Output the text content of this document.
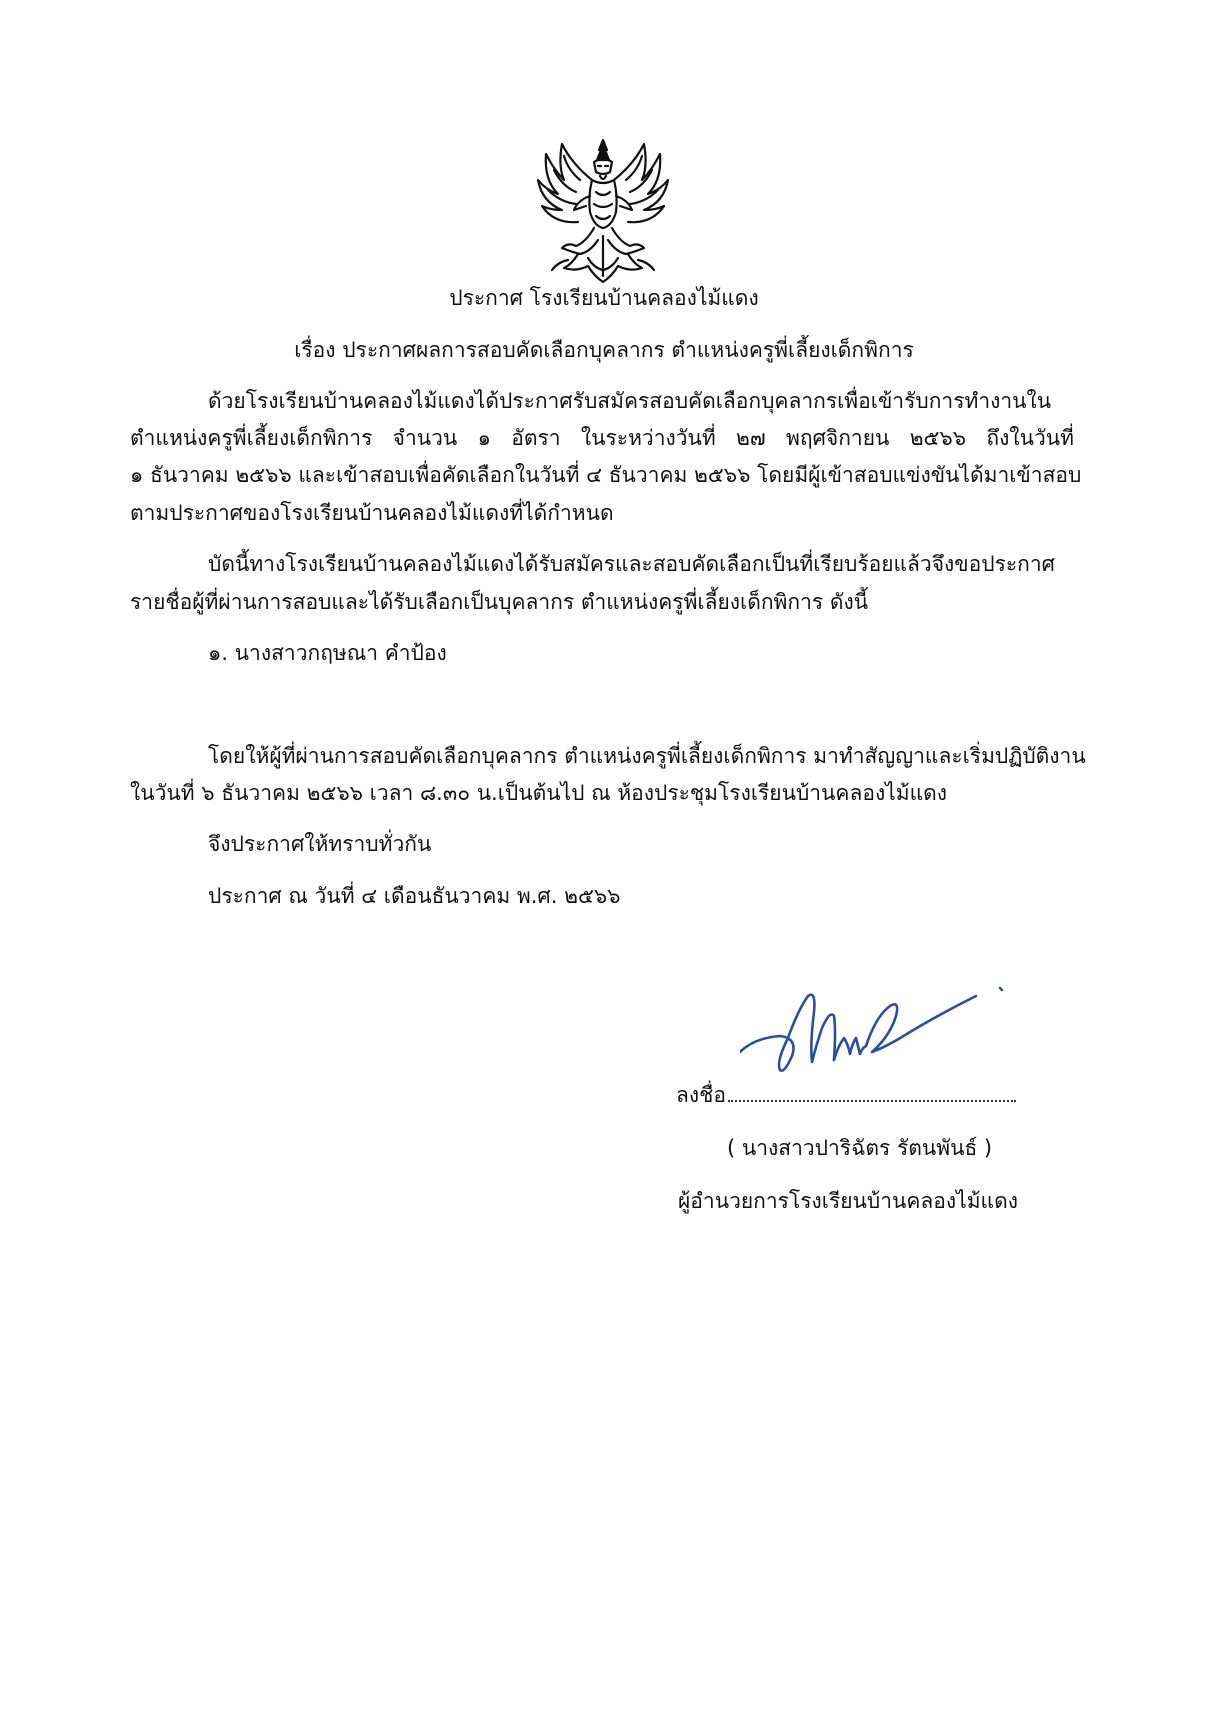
ประกาศ โรงเรียนบ้านคลองไม้แดง
เรื่อง ประกาศผลการสอบคัดเลือกบุคลากร ตำแหน่งครูพี่เลี้ยงเด็กพิการ
ด้วยโรงเรียนบ้านคลองไม้แดงได้ประกาศรับสมัครสอบคัดเลือกบุคลากรเพื่อเข้ารับการทำงานใน
ตำแหน่งครูพี่เลี้ยงเด็กพิการ จำนวน ๑ อัตรา ในระหว่างวันที่ ๒๗ พฤศจิกายน ๒๕๖๖ ถึงในวันที่
๑ ธันวาคม ๒๕๖๖ และเข้าสอบเพื่อคัดเลือกในวันที่ ๔ ธันวาคม ๒๕๖๖ โดยมีผู้เข้าสอบแข่งขันได้มาเข้าสอบ
ตามประกาศของโรงเรียนบ้านคลองไม้แดงที่ได้กำหนด
บัดนี้ทางโรงเรียนบ้านคลองไม้แดงได้รับสมัครและสอบคัดเลือกเป็นที่เรียบร้อยแล้วจึงขอประกาศ
รายชื่อผู้ที่ผ่านการสอบและได้รับเลือกเป็นบุคลากร ตำแหน่งครูพี่เลี้ยงเด็กพิการ ดังนี้
๑. นางสาวกฤษณา คำป้อง
โดยให้ผู้ที่ผ่านการสอบคัดเลือกบุคลากร ตำแหน่งครูพี่เลี้ยงเด็กพิการ มาทำสัญญาและเริ่มปฏิบัติงาน
ในวันที่ ๖ ธันวาคม ๒๕๖๖ เวลา ๘.๓๐ น.เป็นต้นไป ณ ห้องประชุมโรงเรียนบ้านคลองไม้แดง
จึงประกาศให้ทราบทั่วกัน
ประกาศ ณ วันที่ ๔ เดือนธันวาคม พ.ศ. ๒๕๖๖
ลงชื่อ
( นางสาวปาริฉัตร รัตนพันธ์ )
ผู้อำนวยการโรงเรียนบ้านคลองไม้แดง
